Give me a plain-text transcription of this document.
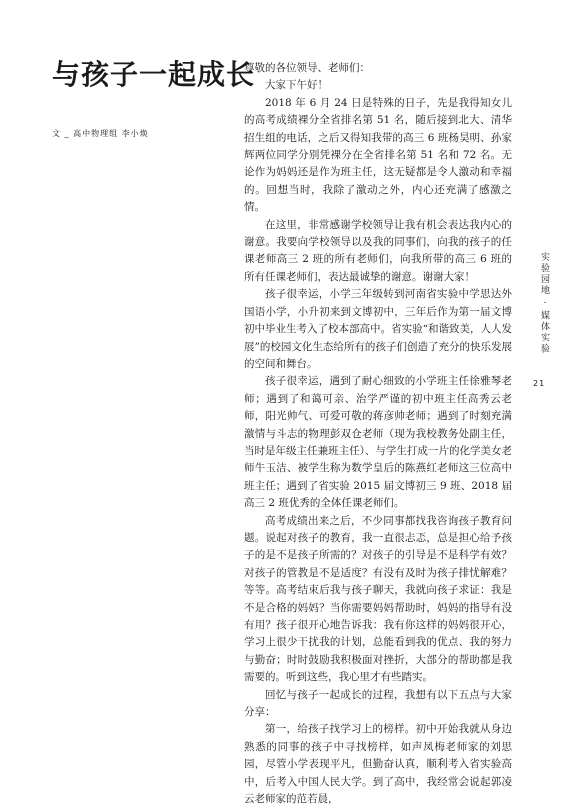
与孩子一起成长
文 _ 高中物理组 李小焕

尊敬的各位领导、老师们：

大家下午好！

2018 年 6 月 24 日是特殊的日子，先是我得知女儿的高考成绩裸分全省排名第 51 名，随后接到北大、清华招生组的电话，之后又得知我带的高三 6 班杨昊明、孙家辉两位同学分别凭裸分在全省排名第 51 名和 72 名。无论作为妈妈还是作为班主任，这无疑都是令人激动和幸福的。回想当时，我除了激动之外，内心还充满了感激之情。

在这里，非常感谢学校领导让我有机会表达我内心的谢意。我要向学校领导以及我的同事们，向我的孩子的任课老师高三 2 班的所有老师们，向我所带的高三 6 班的所有任课老师们，表达最诚挚的谢意。谢谢大家！

孩子很幸运，小学三年级转到河南省实验中学思达外国语小学，小升初来到文博初中，三年后作为第一届文博初中毕业生考入了校本部高中。省实验“和谐致美，人人发展”的校园文化生态给所有的孩子们创造了充分的快乐发展的空间和舞台。

孩子很幸运，遇到了耐心细致的小学班主任徐雅琴老师；遇到了和蔼可亲、治学严谨的初中班主任高秀云老师，阳光帅气、可爱可敬的蒋彦帅老师；遇到了时刻充满激情与斗志的物理彭双仓老师（现为我校教务处副主任，当时是年级主任兼班主任）、与学生打成一片的化学美女老师牛玉洁、被学生称为数学皇后的陈燕红老师这三位高中班主任；遇到了省实验 2015 届文博初三 9 班、2018 届高三 2 班优秀的全体任课老师们。

高考成绩出来之后，不少同事都找我咨询孩子教育问题。说起对孩子的教育，我一直很忐忑，总是担心给予孩子的是不是孩子所需的？对孩子的引导是不是科学有效？对孩子的管教是不是适度？有没有及时为孩子排忧解难？等等。高考结束后我与孩子聊天，我就向孩子求证：我是不是合格的妈妈？当你需要妈妈帮助时，妈妈的指导有没有用？孩子很开心地告诉我：我有你这样的妈妈很开心，学习上很少干扰我的计划，总能看到我的优点、我的努力与勤奋；时时鼓励我积极面对挫折，大部分的帮助都是我需要的。听到这些，我心里才有些踏实。

回忆与孩子一起成长的过程，我想有以下五点与大家分享：

第一，给孩子找学习上的榜样。初中开始我就从身边熟悉的同事的孩子中寻找榜样，如声凤梅老师家的刘思园，尽管小学表现平凡，但勤奋认真，顺利考入省实验高中，后考入中国人民大学。到了高中，我经常会说起郭凌云老师家的范若晨，

实验园地 · 媒体实验
21
